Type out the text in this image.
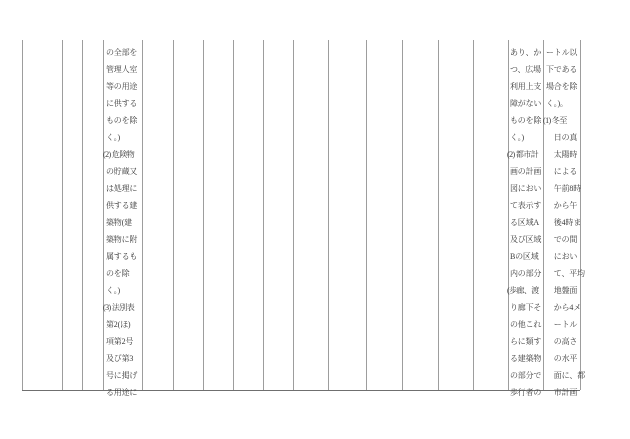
の全部を
管理人室
等の用途
に供する
ものを除
く。)
(2) 危険物
の貯蔵又
は処理に
供する建
築物(建
築物に附
属するも
のを除
く。)
(3) 法別表
第2(ほ)
項第2号
及び第3
号に掲げ
る用途に
あり、か
つ、広場
利用上支
障がない
ものを除
く。)
(2) 都市計
画の計画
図におい
て表示す
る区域A
及び区域
Bの区域
内の部分
(歩廊、渡
り廊下そ
の他これ
らに類す
る建築物
の部分で
歩行者の
ートル以
下である
場合を除
く。)。
(1) 冬至
　日の真
　太陽時
　による
　午前8時
　から午
　後4時ま
　での間
　におい
　て、平均
　地盤面
　から4メ
　ートル
　の高さ
　の水平
　面に、都
　市計画
